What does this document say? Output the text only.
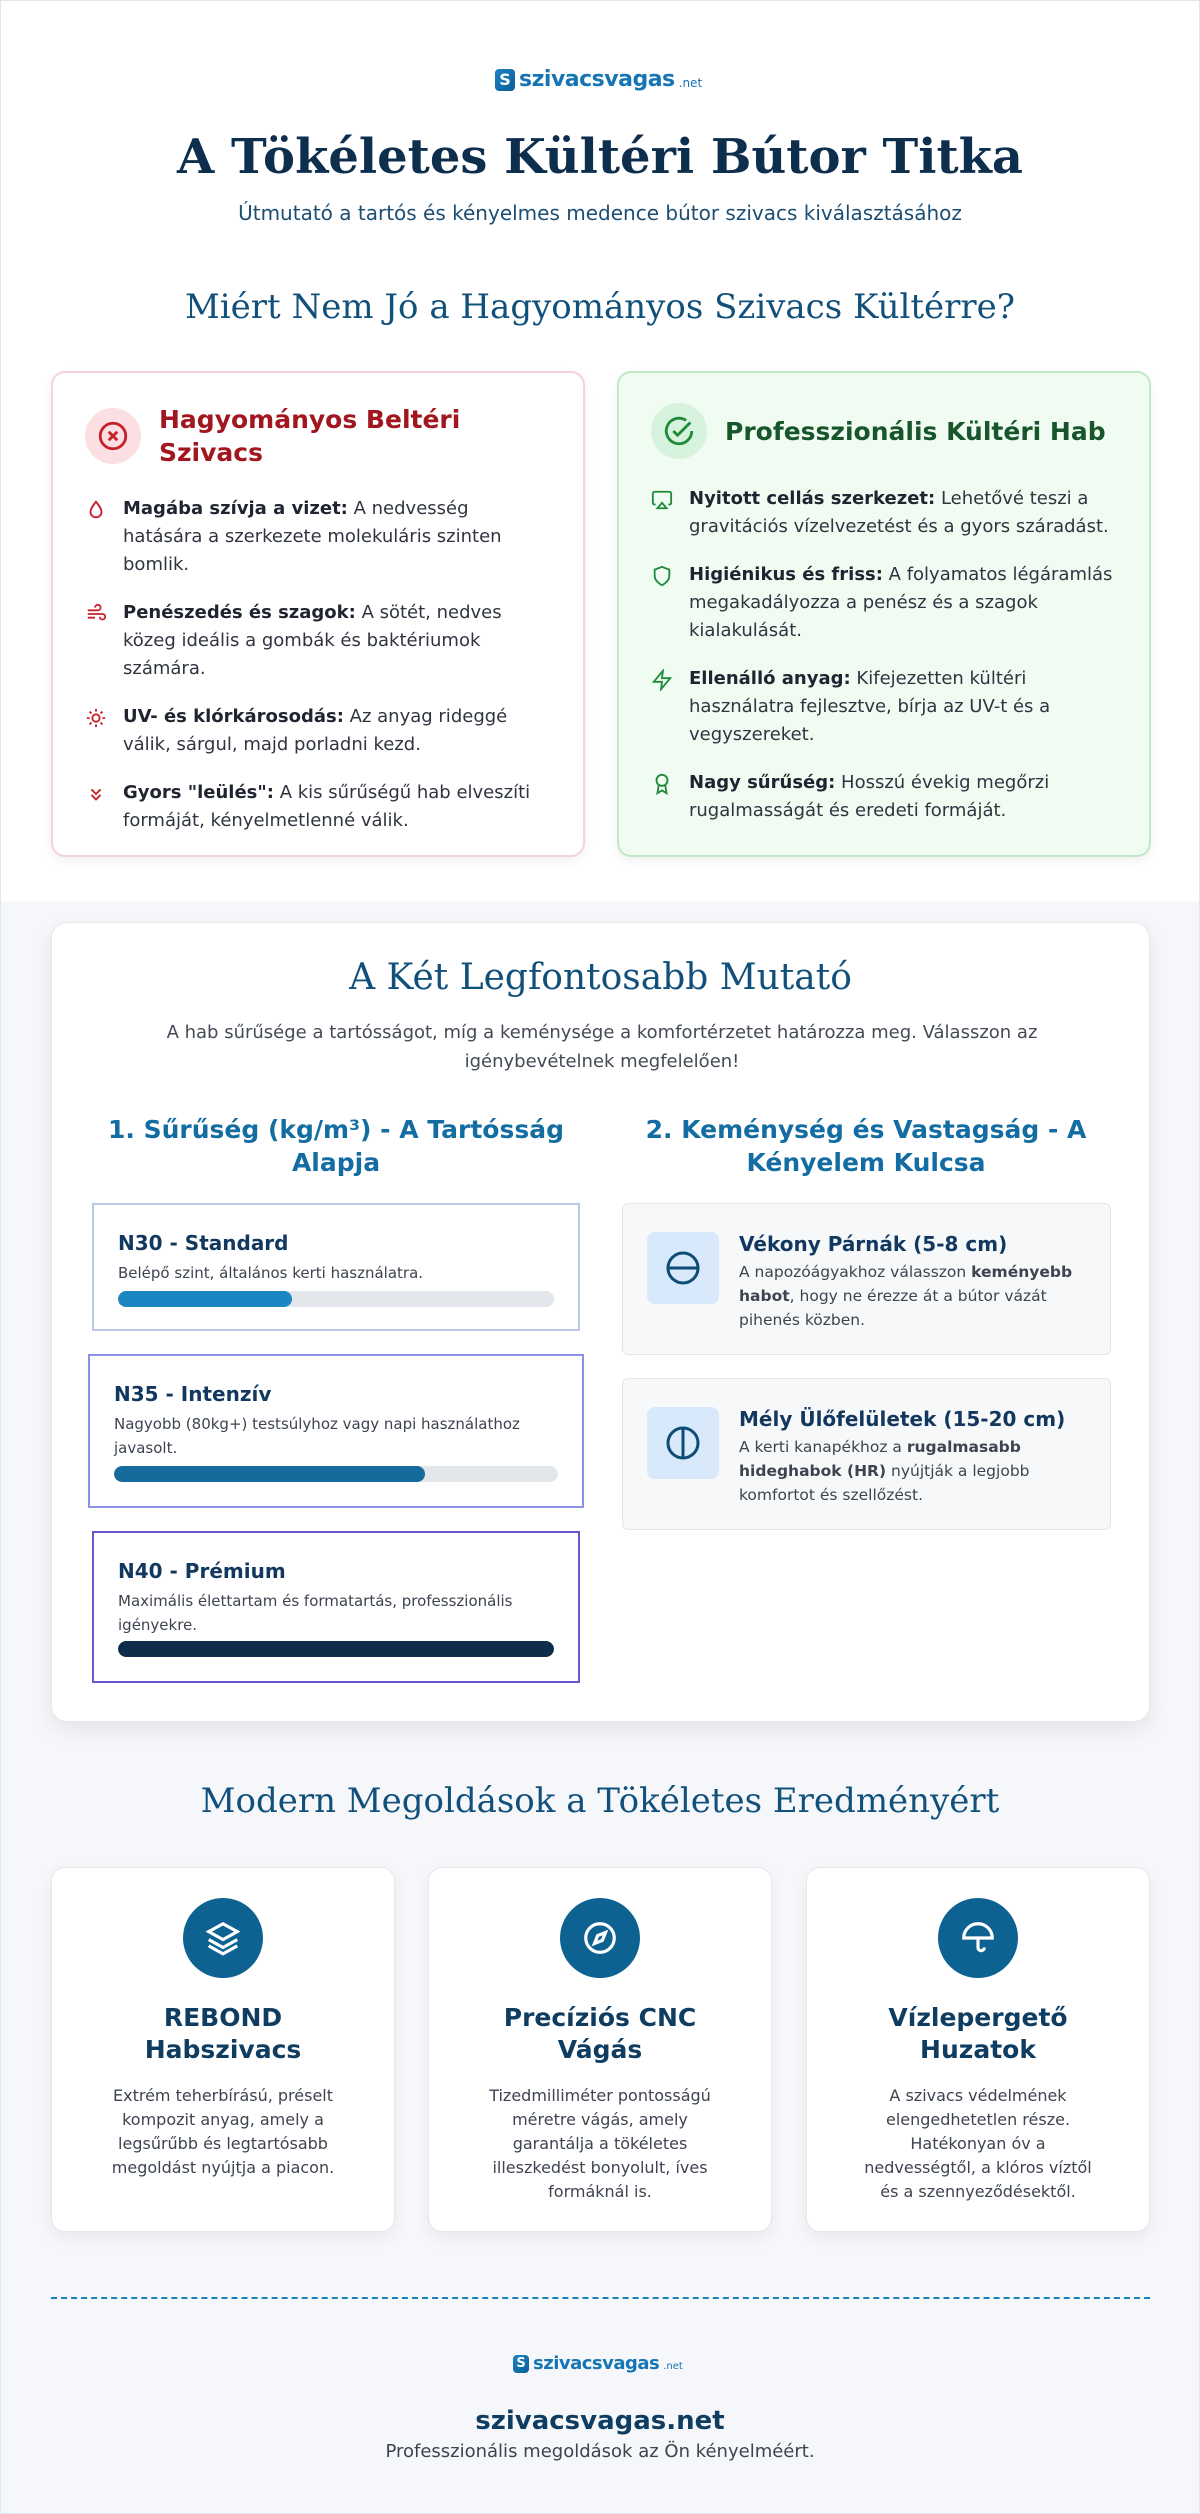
S szivacsvagas .net
A Tökéletes Kültéri Bútor Titka
Útmutató a tartós és kényelmes medence bútor szivacs kiválasztásához
Miért Nem Jó a Hagyományos Szivacs Kültérre?
Hagyományos Beltéri Szivacs

Magába szívja a vizet: A nedvesség hatására a szerkezete molekuláris szinten bomlik.

Penészedés és szagok: A sötét, nedves közeg ideális a gombák és baktériumok számára.

UV- és klórkárosodás: Az anyag rideggé válik, sárgul, majd porladni kezd.

Gyors "leülés": A kis sűrűségű hab elveszíti formáját, kényelmetlenné válik.

Professzionális Kültéri Hab

Nyitott cellás szerkezet: Lehetővé teszi a gravitációs vízelvezetést és a gyors száradást.

Higiénikus és friss: A folyamatos légáramlás megakadályozza a penész és a szagok kialakulását.

Ellenálló anyag: Kifejezetten kültéri használatra fejlesztve, bírja az UV-t és a vegyszereket.

Nagy sűrűség: Hosszú évekig megőrzi rugalmasságát és eredeti formáját.

A Két Legfontosabb Mutató
A hab sűrűsége a tartósságot, míg a keménysége a komfortérzetet határozza meg. Válasszon az igénybevételnek megfelelően!
1. Sűrűség (kg/m³) - A Tartósság Alapja
2. Keménység és Vastagság - A Kényelem Kulcsa
N30 - Standard
Belépő szint, általános kerti használatra.
N35 - Intenzív
Nagyobb (80kg+) testsúlyhoz vagy napi használathoz javasolt.
N40 - Prémium
Maximális élettartam és formatartás, professzionális igényekre.
Vékony Párnák (5-8 cm)
A napozóágyakhoz válasszon keményebb habot, hogy ne érezze át a bútor vázát pihenés közben.
Mély Ülőfelületek (15-20 cm)
A kerti kanapékhoz a rugalmasabb hideghabok (HR) nyújtják a legjobb komfortot és szellőzést.
Modern Megoldások a Tökéletes Eredményért
REBOND Habszivacs
Extrém teherbírású, préselt kompozit anyag, amely a legsűrűbb és legtartósabb megoldást nyújtja a piacon.
Precíziós CNC Vágás
Tizedmilliméter pontosságú méretre vágás, amely garantálja a tökéletes illeszkedést bonyolult, íves formáknál is.
Vízlepergető Huzatok
A szivacs védelmének elengedhetetlen része. Hatékonyan óv a nedvességtől, a klóros víztől és a szennyeződésektől.
S szivacsvagas .net
szivacsvagas.net
Professzionális megoldások az Ön kényelméért.
